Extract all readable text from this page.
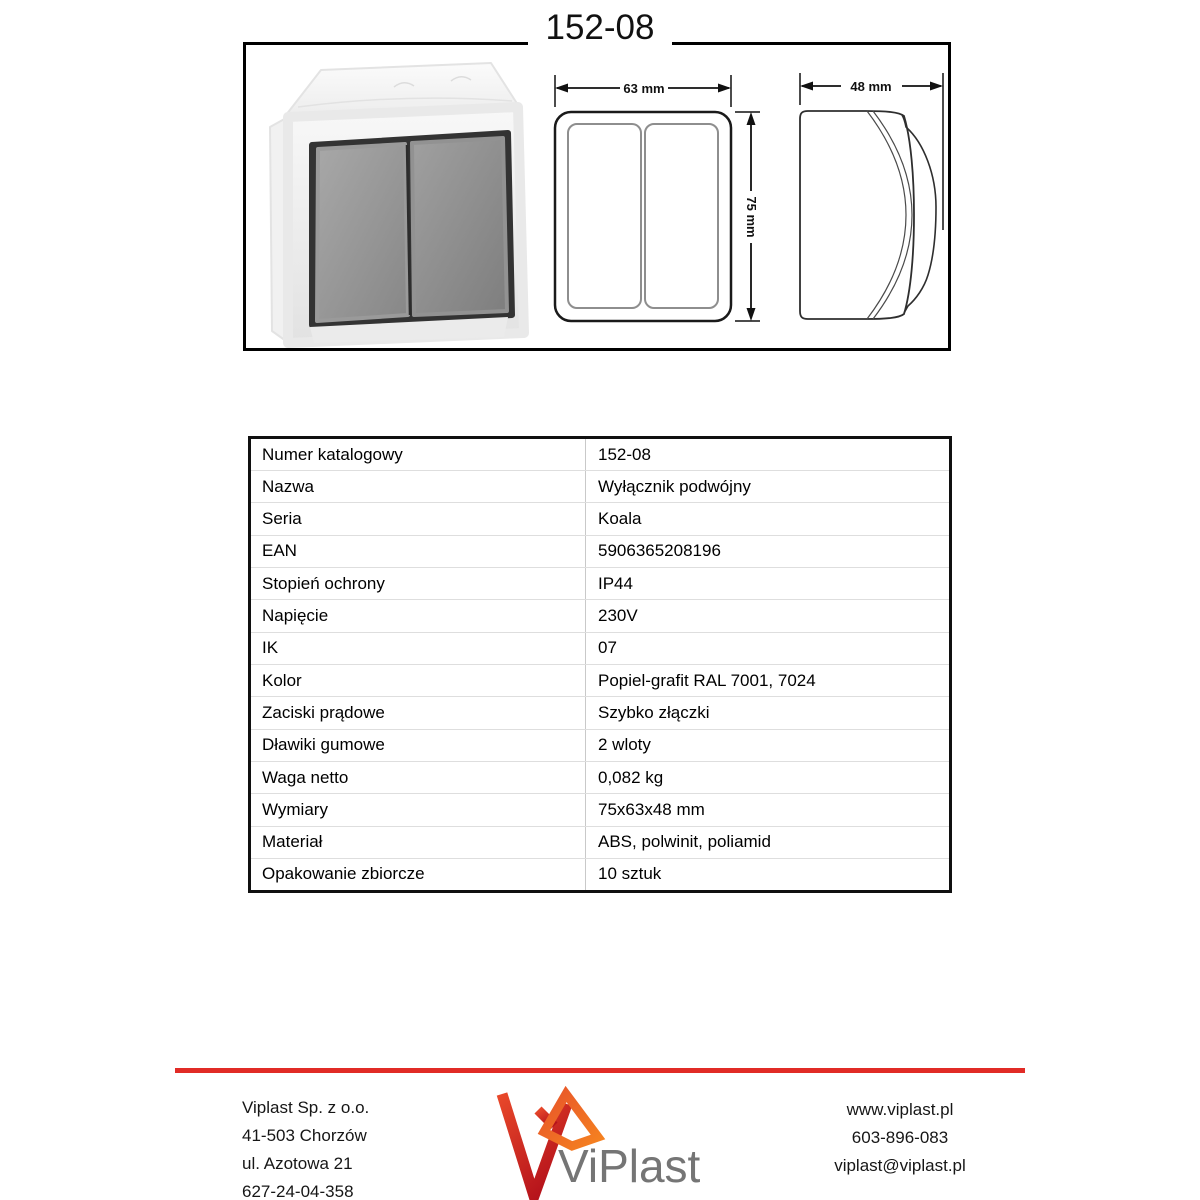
152-08
63 mm
75 mm
48 mm
Numer katalogowy	152-08
Nazwa	Wyłącznik podwójny
Seria	Koala
EAN	5906365208196
Stopień ochrony	IP44
Napięcie	230V
IK	07
Kolor	Popiel-grafit RAL 7001, 7024
Zaciski prądowe	Szybko złączki
Dławiki gumowe	2 wloty
Waga netto	0,082 kg
Wymiary	75x63x48 mm
Materiał	ABS, polwinit, poliamid
Opakowanie zbiorcze	10 sztuk
Viplast Sp. z o.o.
41-503 Chorzów
ul. Azotowa 21
627-24-04-358	ViPlast
www.viplast.pl
603-896-083
viplast@viplast.pl
